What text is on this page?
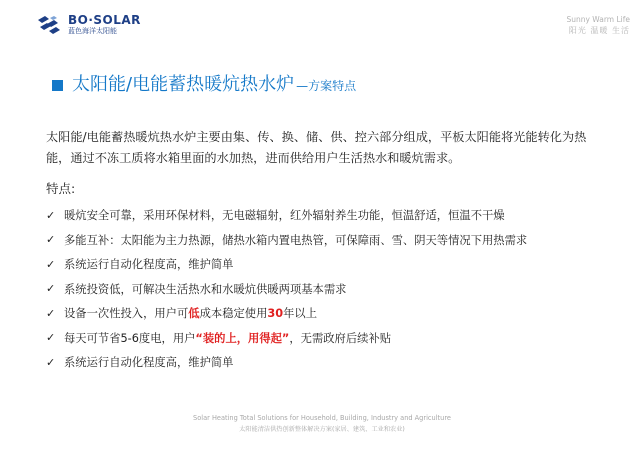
BO·SOLAR
蓝色海洋太阳能
Sunny Warm Life
阳光 温暖 生活
太阳能/电能蓄热暖炕热水炉 —方案特点
太阳能/电能蓄热暖炕热水炉主要由集、传、换、储、供、控六部分组成，平板太阳能将光能转化为热能，通过不冻工质将水箱里面的水加热，进而供给用户生活热水和暖炕需求。
特点:
✓ 暖炕安全可靠，采用环保材料，无电磁辐射，红外辐射养生功能，恒温舒适，恒温不干燥
✓ 多能互补：太阳能为主力热源，储热水箱内置电热管，可保障雨、雪、阴天等情况下用热需求
✓ 系统运行自动化程度高，维护简单
✓ 系统投资低，可解决生活热水和水暖炕供暖两项基本需求
✓ 设备一次性投入，用户可低成本稳定使用30年以上
✓ 每天可节省5-6度电，用户“装的上，用得起”，无需政府后续补贴
✓ 系统运行自动化程度高，维护简单
Solar Heating Total Solutions for Household, Building, Industry and Agriculture
太阳能清洁供热创新整体解决方案(家居、建筑、工业和农业)
